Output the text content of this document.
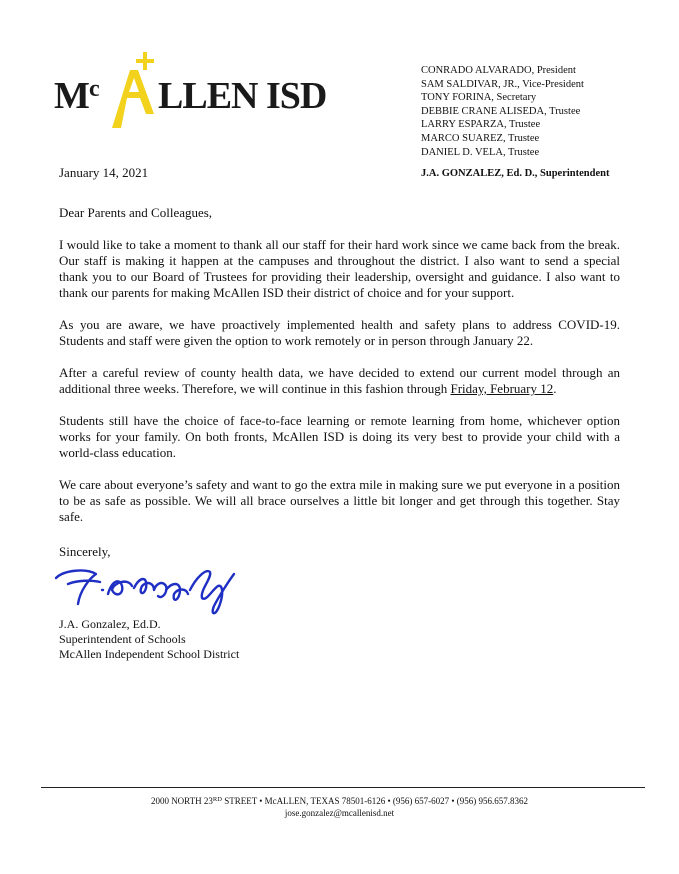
M c LLEN ISD
CONRADO ALVARADO, President
SAM SALDIVAR, JR., Vice-President
TONY FORINA, Secretary
DEBBIE CRANE ALISEDA, Trustee
LARRY ESPARZA, Trustee
MARCO SUAREZ, Trustee
DANIEL D. VELA, Trustee
January 14, 2021	J.A. GONZALEZ, Ed. D., Superintendent

Dear Parents and Colleagues,

I would like to take a moment to thank all our staff for their hard work since we came back from the break. Our staff is making it happen at the campuses and throughout the district. I also want to send a special thank you to our Board of Trustees for providing their leadership, oversight and guidance. I also want to thank our parents for making McAllen ISD their district of choice and for your support.

As you are aware, we have proactively implemented health and safety plans to address COVID-19. Students and staff were given the option to work remotely or in person through January 22.

After a careful review of county health data, we have decided to extend our current model through an additional three weeks. Therefore, we will continue in this fashion through Friday, February 12.

Students still have the choice of face-to-face learning or remote learning from home, whichever option works for your family. On both fronts, McAllen ISD is doing its very best to provide your child with a world-class education.

We care about everyone’s safety and want to go the extra mile in making sure we put everyone in a position to be as safe as possible. We will all brace ourselves a little bit longer and get through this together. Stay safe.

Sincerely,
J.A. Gonzalez, Ed.D.
Superintendent of Schools
McAllen Independent School District
2000 NORTH 23RD STREET • McALLEN, TEXAS 78501-6126 • (956) 657-6027 • (956) 956.657.8362
jose.gonzalez@mcallenisd.net
